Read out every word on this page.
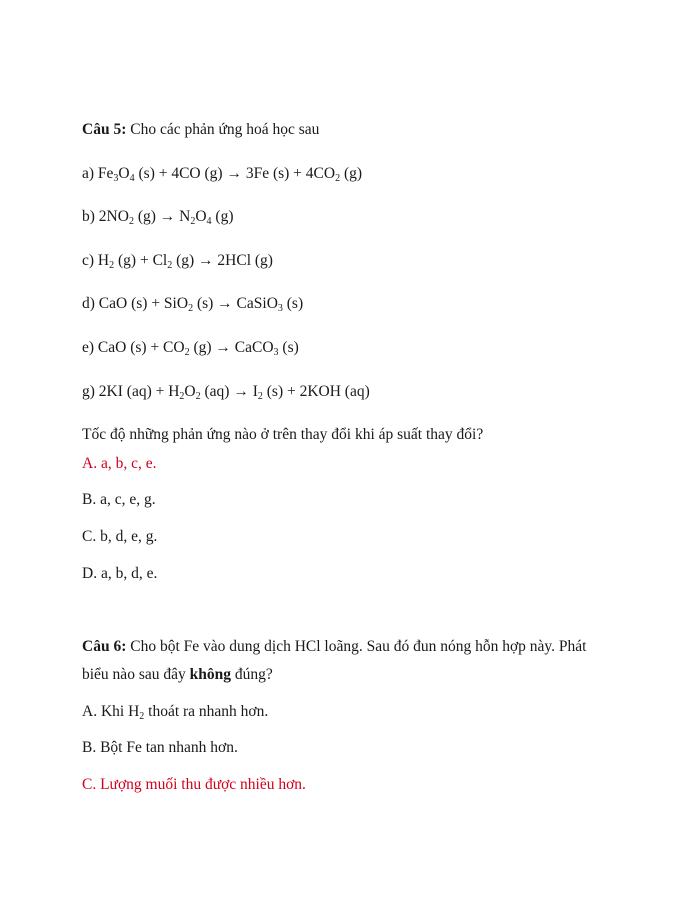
Câu 5: Cho các phản ứng hoá học sau
a) $Fe_3O_4$ (s) + 4CO (g) → 3Fe $(s) + 4CO_2$ (g)
b) $2NO_2$ $(g) \to N_2O_4$ (g)
c) $H_2$ $(g) + Cl_2$ (g) → 2HCl (g)
d) CaO (s) + SiO$_2$ (s) → CaSiO$_3$ (s)
e) CaO $(s) + CO_2$ (g) → CaCO$_3$ (s)
g) 2KI $(aq) + H_2O_2$ $(aq) \to I_2$ (s) + 2KOH (aq)
Tốc độ những phản ứng nào ở trên thay đổi khi áp suất thay đổi?
A. a, b, c, e.
B. a, c, e, g.
C. b, d, e, g.
D. a, b, d, e.
Câu 6: Cho bột Fe vào dung dịch HCl loãng. Sau đó đun nóng hỗn hợp này. Phát
biểu nào sau đây không đúng?
A. Khi $H_2$ thoát ra nhanh hơn.
B. Bột Fe tan nhanh hơn.
C. Lượng muối thu được nhiều hơn.
